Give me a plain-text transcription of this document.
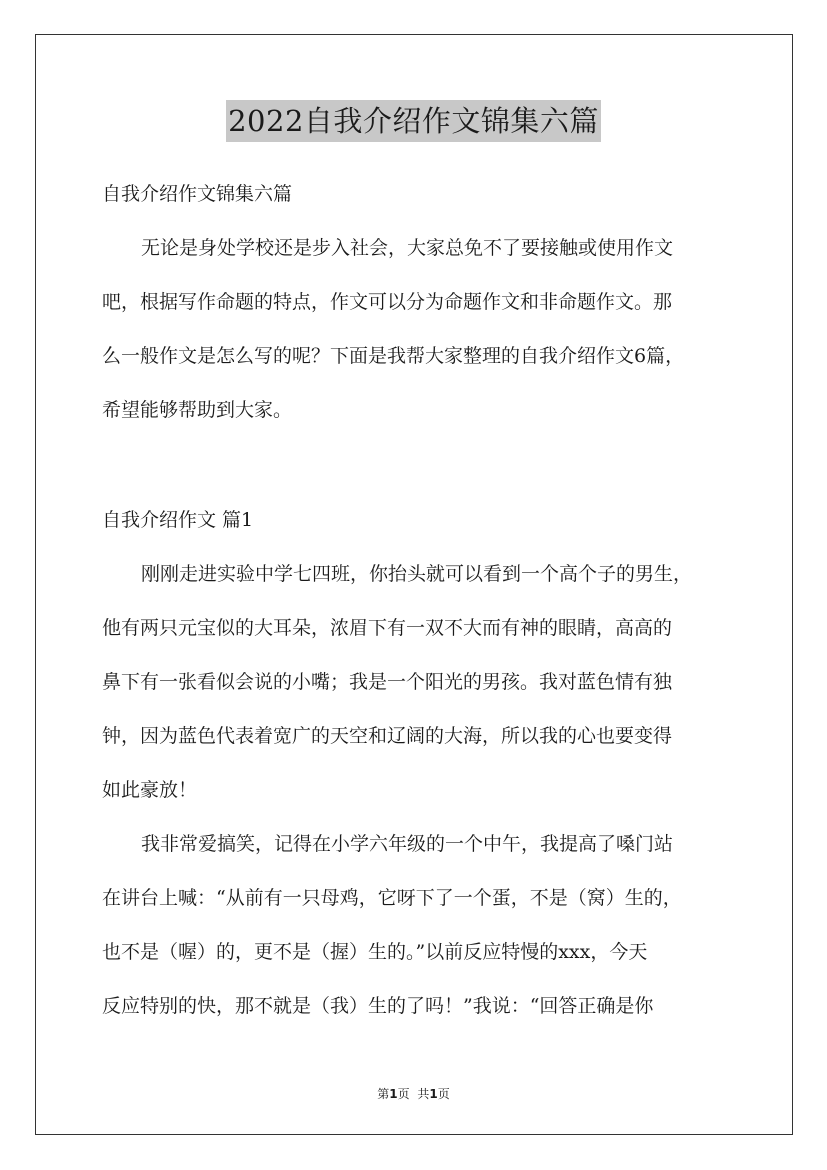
2022自我介绍作文锦集六篇
自我介绍作文锦集六篇
无论是身处学校还是步入社会，大家总免不了要接触或使用作文
吧，根据写作命题的特点，作文可以分为命题作文和非命题作文。那
么一般作文是怎么写的呢？下面是我帮大家整理的自我介绍作文6篇，
希望能够帮助到大家。
自我介绍作文 篇1
刚刚走进实验中学七四班，你抬头就可以看到一个高个子的男生，
他有两只元宝似的大耳朵，浓眉下有一双不大而有神的眼睛，高高的
鼻下有一张看似会说的小嘴；我是一个阳光的男孩。我对蓝色情有独
钟，因为蓝色代表着宽广的天空和辽阔的大海，所以我的心也要变得
如此豪放！
我非常爱搞笑，记得在小学六年级的一个中午，我提高了嗓门站
在讲台上喊：“从前有一只母鸡，它呀下了一个蛋，不是（窝）生的，
也不是（喔）的，更不是（握）生的。”以前反应特慢的xxx，今天
反应特别的快，那不就是（我）生的了吗！”我说：“回答正确是你
第1页 共1页
